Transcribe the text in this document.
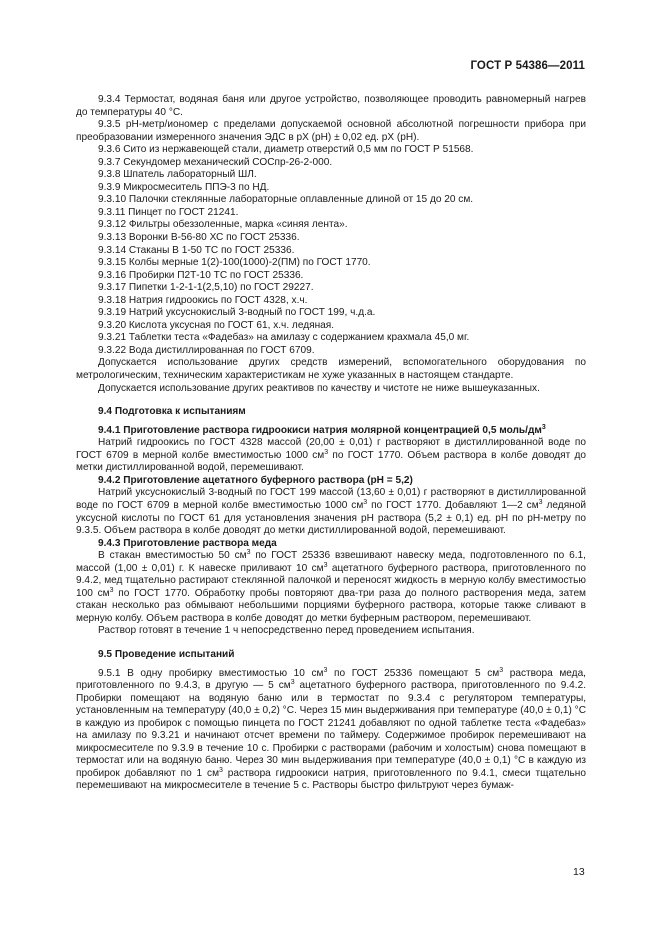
ГОСТ Р 54386—2011

9.3.4 Термостат, водяная баня или другое устройство, позволяющее проводить равномерный нагрев до температуры 40 °С.

9.3.5 pH-метр/иономер с пределами допускаемой основной абсолютной погрешности прибора при преобразовании измеренного значения ЭДС в pX (pH) ± 0,02 ед. pX (pH).

9.3.6 Сито из нержавеющей стали, диаметр отверстий 0,5 мм по ГОСТ Р 51568.

9.3.7 Секундомер механический СОСпр-26-2-000.

9.3.8 Шпатель лабораторный ШЛ.

9.3.9 Микросмеситель ППЭ-3 по НД.

9.3.10 Палочки стеклянные лабораторные оплавленные длиной от 15 до 20 см.

9.3.11 Пинцет по ГОСТ 21241.

9.3.12 Фильтры обеззоленные, марка «синяя лента».

9.3.13 Воронки В-56-80 ХС по ГОСТ 25336.

9.3.14 Стаканы В 1-50 ТС по ГОСТ 25336.

9.3.15 Колбы мерные 1(2)-100(1000)-2(ПМ) по ГОСТ 1770.

9.3.16 Пробирки П2Т-10 ТС по ГОСТ 25336.

9.3.17 Пипетки 1-2-1-1(2,5,10) по ГОСТ 29227.

9.3.18 Натрия гидроокись по ГОСТ 4328, х.ч.

9.3.19 Натрий уксуснокислый 3-водный по ГОСТ 199, ч.д.а.

9.3.20 Кислота уксусная по ГОСТ 61, х.ч. ледяная.

9.3.21 Таблетки теста «Фадебаз» на амилазу с содержанием крахмала 45,0 мг.

9.3.22 Вода дистиллированная по ГОСТ 6709.

Допускается использование других средств измерений, вспомогательного оборудования по метрологическим, техническим характеристикам не хуже указанных в настоящем стандарте.

Допускается использование других реактивов по качеству и чистоте не ниже вышеуказанных.

9.4 Подготовка к испытаниям

9.4.1 Приготовление раствора гидроокиси натрия молярной концентрацией 0,5 моль/$дм^3$

Натрий гидроокись по ГОСТ 4328 массой (20,00 ± 0,01) г растворяют в дистиллированной воде по ГОСТ 6709 в мерной колбе вместимостью 1000 $см^3$ по ГОСТ 1770. Объем раствора в колбе доводят до метки дистиллированной водой, перемешивают.

9.4.2 Приготовление ацетатного буферного раствора (pH = 5,2)

Натрий уксуснокислый 3-водный по ГОСТ 199 массой (13,60 ± 0,01) г растворяют в дистиллированной воде по ГОСТ 6709 в мерной колбе вместимостью 1000 $см^3$ по ГОСТ 1770. Добавляют 1—2 $см^3$ ледяной уксусной кислоты по ГОСТ 61 для установления значения pH раствора (5,2 ± 0,1) ед. pH по pH-метру по 9.3.5. Объем раствора в колбе доводят до метки дистиллированной водой, перемешивают.

9.4.3 Приготовление раствора меда

В стакан вместимостью 50 $см^3$ по ГОСТ 25336 взвешивают навеску меда, подготовленного по 6.1, массой (1,00 ± 0,01) г. К навеске приливают 10 $см^3$ ацетатного буферного раствора, приготовленного по 9.4.2, мед тщательно растирают стеклянной палочкой и переносят жидкость в мерную колбу вместимостью 100 $см^3$ по ГОСТ 1770. Обработку пробы повторяют два-три раза до полного растворения меда, затем стакан несколько раз обмывают небольшими порциями буферного раствора, которые также сливают в мерную колбу. Объем раствора в колбе доводят до метки буферным раствором, перемешивают.

Раствор готовят в течение 1 ч непосредственно перед проведением испытания.

9.5 Проведение испытаний

9.5.1 В одну пробирку вместимостью 10 $см^3$ по ГОСТ 25336 помещают 5 $см^3$ раствора меда, приготовленного по 9.4.3, в другую — 5 $см^3$ ацетатного буферного раствора, приготовленного по 9.4.2. Пробирки помещают на водяную баню или в термостат по 9.3.4 с регулятором температуры, установленным на температуру (40,0 ± 0,2) °С. Через 15 мин выдерживания при температуре (40,0 ± 0,1) °С в каждую из пробирок с помощью пинцета по ГОСТ 21241 добавляют по одной таблетке теста «Фадебаз» на амилазу по 9.3.21 и начинают отсчет времени по таймеру. Содержимое пробирок перемешивают на микросмесителе по 9.3.9 в течение 10 с. Пробирки с растворами (рабочим и холостым) снова помещают в термостат или на водяную баню. Через 30 мин выдерживания при температуре (40,0 ± 0,1) °С в каждую из пробирок добавляют по 1 $см^3$ раствора гидроокиси натрия, приготовленного по 9.4.1, смеси тщательно перемешивают на микросмесителе в течение 5 с. Растворы быстро фильтруют через бумаж-

13
